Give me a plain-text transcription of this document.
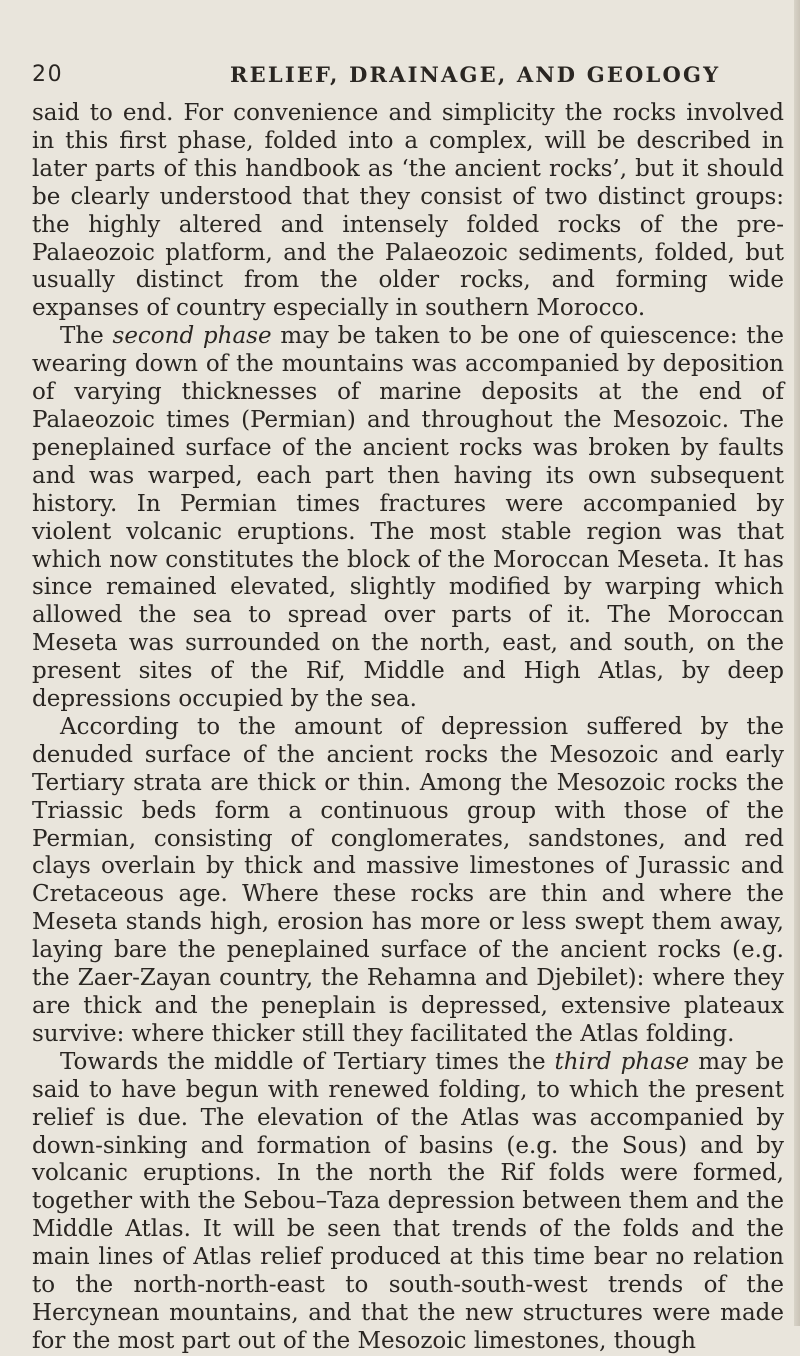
20	RELIEF, DRAINAGE, AND GEOLOGY

said to end. For convenience and simplicity the rocks involved in this first phase, folded into a complex, will be described in later parts of this handbook as ‘the ancient rocks’, but it should be clearly understood that they consist of two distinct groups: the highly altered and intensely folded rocks of the pre-Palaeozoic platform, and the Palaeozoic sediments, folded, but usually distinct from the older rocks, and forming wide expanses of country especially in southern Morocco.

The second phase may be taken to be one of quiescence: the wearing down of the mountains was accompanied by deposition of varying thicknesses of marine deposits at the end of Palaeozoic times (Permian) and throughout the Mesozoic. The peneplained surface of the ancient rocks was broken by faults and was warped, each part then having its own subsequent history. In Permian times fractures were accompanied by violent volcanic eruptions. The most stable region was that which now constitutes the block of the Moroccan Meseta. It has since remained elevated, slightly modified by warping which allowed the sea to spread over parts of it. The Moroccan Meseta was surrounded on the north, east, and south, on the present sites of the Rif, Middle and High Atlas, by deep depressions occupied by the sea.

According to the amount of depression suffered by the denuded surface of the ancient rocks the Mesozoic and early Tertiary strata are thick or thin. Among the Mesozoic rocks the Triassic beds form a continuous group with those of the Permian, consisting of conglomerates, sandstones, and red clays overlain by thick and massive limestones of Jurassic and Cretaceous age. Where these rocks are thin and where the Meseta stands high, erosion has more or less swept them away, laying bare the peneplained surface of the ancient rocks (e.g. the Zaer-Zayan country, the Rehamna and Djebilet): where they are thick and the peneplain is depressed, extensive plateaux survive: where thicker still they facilitated the Atlas folding.

Towards the middle of Tertiary times the third phase may be said to have begun with renewed folding, to which the present relief is due. The elevation of the Atlas was accompanied by down-sinking and formation of basins (e.g. the Sous) and by volcanic eruptions. In the north the Rif folds were formed, together with the Sebou–Taza depression between them and the Middle Atlas. It will be seen that trends of the folds and the main lines of Atlas relief produced at this time bear no relation to the north-north-east to south-south-west trends of the Hercynean mountains, and that the new structures were made for the most part out of the Mesozoic limestones, though
